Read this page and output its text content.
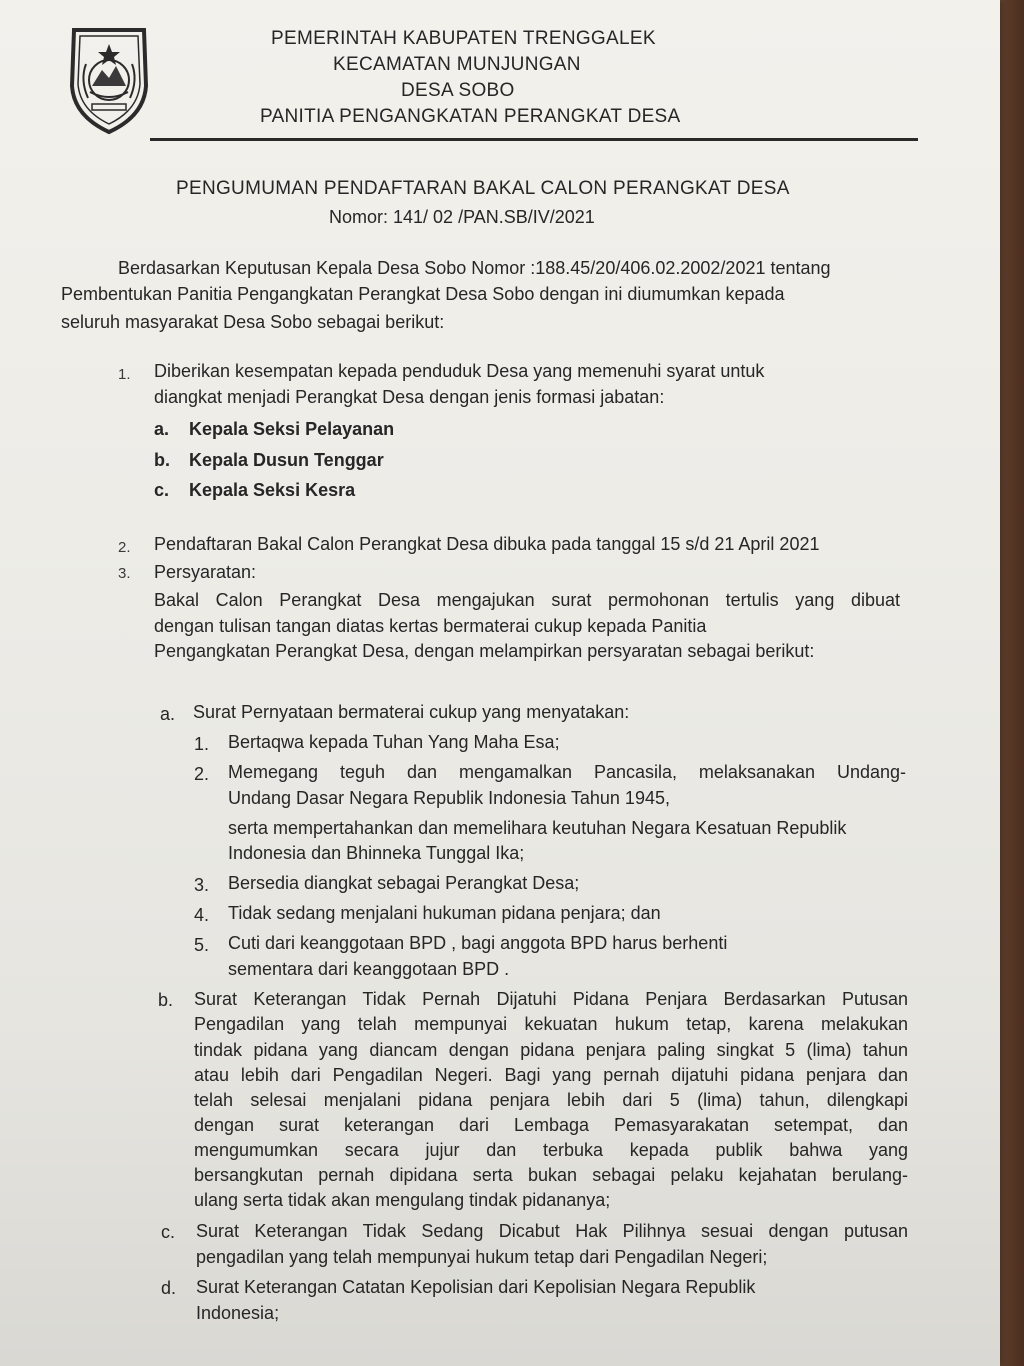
PEMERINTAH KABUPATEN TRENGGALEK
KECAMATAN MUNJUNGAN
DESA SOBO
PANITIA PENGANGKATAN PERANGKAT DESA
PENGUMUMAN PENDAFTARAN BAKAL CALON PERANGKAT DESA
Nomor: 141/ 02 /PAN.SB/IV/2021
Berdasarkan Keputusan Kepala Desa Sobo Nomor :188.45/20/406.02.2002/2021 tentang
Pembentukan Panitia Pengangkatan Perangkat Desa Sobo dengan ini diumumkan kepada
seluruh masyarakat Desa Sobo sebagai berikut:
1. Diberikan kesempatan kepada penduduk Desa yang memenuhi syarat untuk
diangkat menjadi Perangkat Desa dengan jenis formasi jabatan:
a. Kepala Seksi Pelayanan
b. Kepala Dusun Tenggar
c. Kepala Seksi Kesra
2. Pendaftaran Bakal Calon Perangkat Desa dibuka pada tanggal 15 s/d 21 April 2021
3. Persyaratan:
Bakal Calon Perangkat Desa mengajukan surat permohonan tertulis yang dibuat
dengan tulisan tangan diatas kertas bermaterai cukup kepada Panitia
Pengangkatan Perangkat Desa, dengan melampirkan persyaratan sebagai berikut:
a. Surat Pernyataan bermaterai cukup yang menyatakan:
1. Bertaqwa kepada Tuhan Yang Maha Esa;
2. Memegang teguh dan mengamalkan Pancasila, melaksanakan Undang-
Undang Dasar Negara Republik Indonesia Tahun 1945,
serta mempertahankan dan memelihara keutuhan Negara Kesatuan Republik
Indonesia dan Bhinneka Tunggal Ika;
3. Bersedia diangkat sebagai Perangkat Desa;
4. Tidak sedang menjalani hukuman pidana penjara; dan
5. Cuti dari keanggotaan BPD , bagi anggota BPD harus berhenti
sementara dari keanggotaan BPD .
b. Surat Keterangan Tidak Pernah Dijatuhi Pidana Penjara Berdasarkan Putusan
Pengadilan yang telah mempunyai kekuatan hukum tetap, karena melakukan
tindak pidana yang diancam dengan pidana penjara paling singkat 5 (lima) tahun
atau lebih dari Pengadilan Negeri. Bagi yang pernah dijatuhi pidana penjara dan
telah selesai menjalani pidana penjara lebih dari 5 (lima) tahun, dilengkapi
dengan surat keterangan dari Lembaga Pemasyarakatan setempat, dan
mengumumkan secara jujur dan terbuka kepada publik bahwa yang
bersangkutan pernah dipidana serta bukan sebagai pelaku kejahatan berulang-
ulang serta tidak akan mengulang tindak pidananya;
c. Surat Keterangan Tidak Sedang Dicabut Hak Pilihnya sesuai dengan putusan
pengadilan yang telah mempunyai hukum tetap dari Pengadilan Negeri;
d. Surat Keterangan Catatan Kepolisian dari Kepolisian Negara Republik
Indonesia;
